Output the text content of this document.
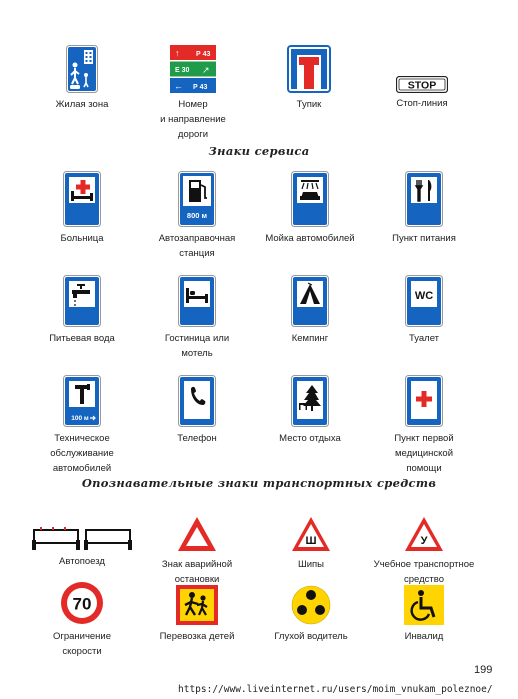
Жилая зона
↑ Р 43
Е 30 ↗
← Р 43
Номер
и направление
дороги
Тупик
STOP
Стоп-линия
Знаки сервиса
Больница
800 м
Автозаправочная
станция
Мойка автомобилей	Пункт питания
Питьевая вода	Гостиница или
мотель
Кемпинг
WC
Туалет
100 м
Техническое
обслуживание
автомобилей
Телефон	Место отдыха	Пункт первой
медицинской
помощи
Опознавательные знаки транспортных средств
Автопоезд	Знак аварийной
остановки
Ш
Шипы
У
Учебное транспортное
средство
70
Ограничение
скорости
Перевозка детей	Глухой водитель	Инвалид
199
https://www.liveinternet.ru/users/moim_vnukam_poleznoe/
